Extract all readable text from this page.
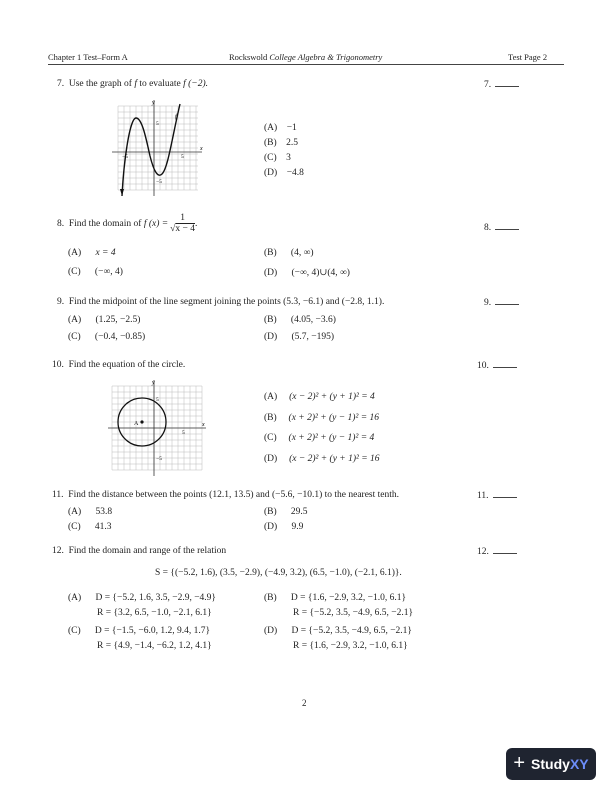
Chapter 1 Test–Form A	Rockswold College Algebra & Trigonometry	Test Page 2
7. Use the graph of f to evaluate f (−2).	7.
x
y
5
−5
5
−5
f
(A) −1
(B) 2.5
(C) 3
(D) −4.8
8.
Find the domain of
f $(x) = \frac{1}{√x - 4}$ .	8.
(A) x = 4	(B) (4, ∞)
(C) (−∞, 4)	(D) (−∞, 4)∪(4, ∞)
9. Find the midpoint of the line segment joining the points (5.3, −6.1) and (−2.8, 1.1).	9.
(A) (1.25, −2.5)	(B) (4.05, −3.6)
(C) (−0.4, −0.85)	(D) (5.7, −195)
10. Find the equation of the circle.	10.
A	x
y
5
5
−5
(A) (x − 2)² + (y + 1)² = 4
(B) (x + 2)² + (y − 1)² = 16
(C) (x + 2)² + (y − 1)² = 4
(D) (x − 2)² + (y + 1)² = 16
11. Find the distance between the points (12.1, 13.5) and (−5.6, −10.1) to the nearest tenth.	11.
(A) 53.8	(B) 29.5
(C) 41.3	(D) 9.9
12. Find the domain and range of the relation	12.
S = {(−5.2, 1.6), (3.5, −2.9), (−4.9, 3.2), (6.5, −1.0), (−2.1, 6.1)}.
(A) D = {−5.2, 1.6, 3.5, −2.9, −4.9}
R = {3.2, 6.5, −1.0, −2.1, 6.1}
(B) D = {1.6, −2.9, 3.2, −1.0, 6.1}
R = {−5.2, 3.5, −4.9, 6.5, −2.1}
(C) D = {−1.5, −6.0, 1.2, 9.4, 1.7}
R = {4.9, −1.4, −6.2, 1.2, 4.1}
(D) D = {−5.2, 3.5, −4.9, 6.5, −2.1}
R = {1.6, −2.9, 3.2, −1.0, 6.1}
2
+ StudyXY
